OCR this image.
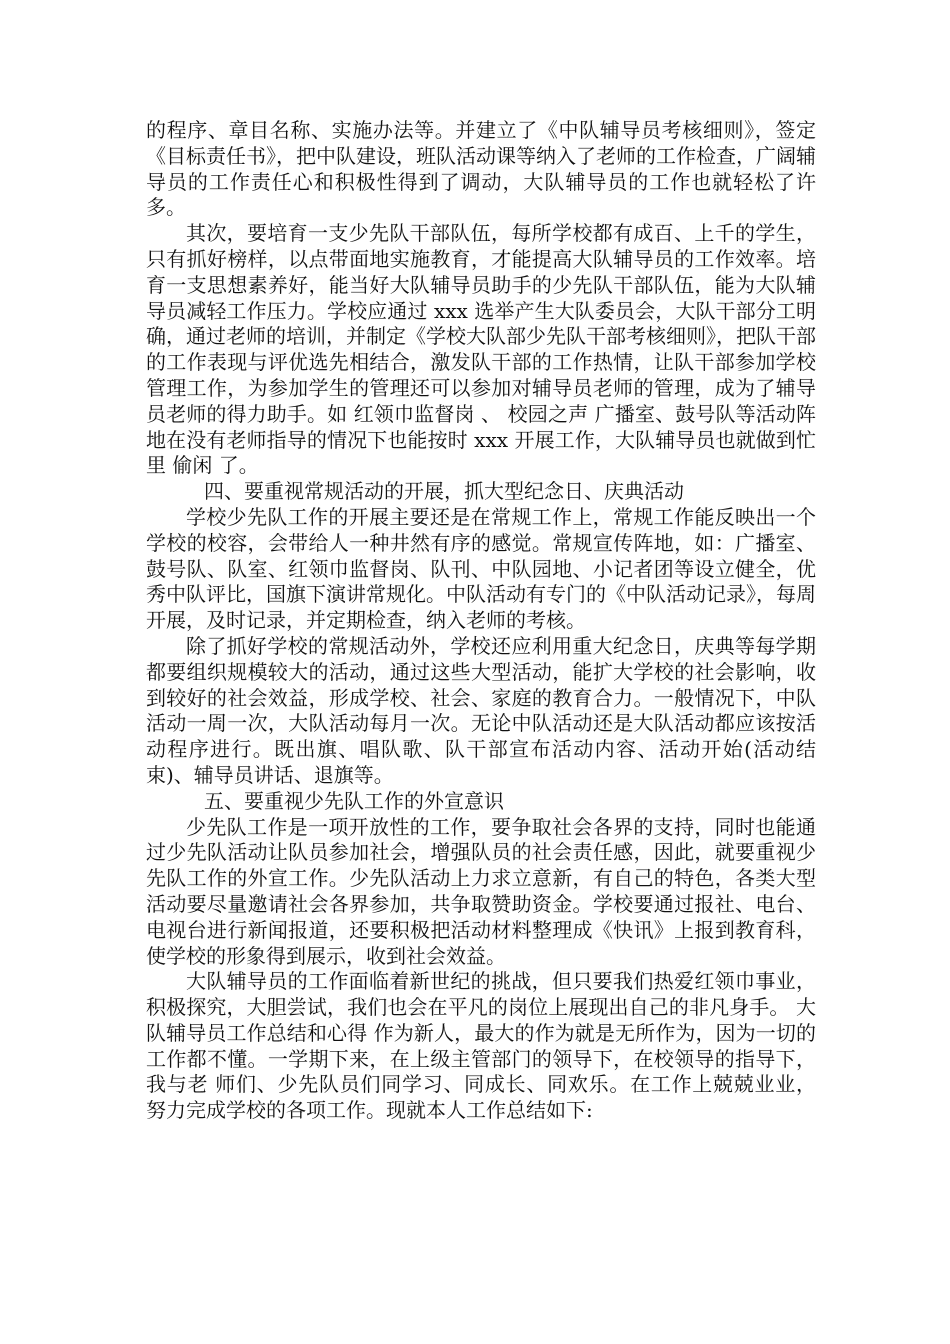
的程序、章目名称、实施办法等。并建立了《中队辅导员考核细则》，签定《目标责任书》，把中队建设，班队活动课等纳入了老师的工作检查，广阔辅导员的工作责任心和积极性得到了调动，大队辅导员的工作也就轻松了许多。

其次，要培育一支少先队干部队伍，每所学校都有成百、上千的学生，只有抓好榜样，以点带面地实施教育，才能提高大队辅导员的工作效率。培育一支思想素养好，能当好大队辅导员助手的少先队干部队伍，能为大队辅导员减轻工作压力。学校应通过 xxx 选举产生大队委员会，大队干部分工明确，通过老师的培训，并制定《学校大队部少先队干部考核细则》，把队干部的工作表现与评优选先相结合，激发队干部的工作热情，让队干部参加学校管理工作，为参加学生的管理还可以参加对辅导员老师的管理，成为了辅导员老师的得力助手。如 红领巾监督岗 、 校园之声 广播室、鼓号队等活动阵地在没有老师指导的情况下也能按时 xxx 开展工作，大队辅导员也就做到忙里 偷闲 了。

四、要重视常规活动的开展，抓大型纪念日、庆典活动

学校少先队工作的开展主要还是在常规工作上，常规工作能反映出一个学校的校容，会带给人一种井然有序的感觉。常规宣传阵地，如：广播室、鼓号队、队室、红领巾监督岗、队刊、中队园地、小记者团等设立健全，优秀中队评比，国旗下演讲常规化。中队活动有专门的《中队活动记录》，每周开展，及时记录，并定期检查，纳入老师的考核。

除了抓好学校的常规活动外，学校还应利用重大纪念日，庆典等每学期都要组织规模较大的活动，通过这些大型活动，能扩大学校的社会影响，收到较好的社会效益，形成学校、社会、家庭的教育合力。一般情况下，中队活动一周一次，大队活动每月一次。无论中队活动还是大队活动都应该按活动程序进行。既出旗、唱队歌、队干部宣布活动内容、活动开始(活动结束)、辅导员讲话、退旗等。

五、要重视少先队工作的外宣意识

少先队工作是一项开放性的工作，要争取社会各界的支持，同时也能通过少先队活动让队员参加社会，增强队员的社会责任感，因此，就要重视少先队工作的外宣工作。少先队活动上力求立意新，有自己的特色，各类大型活动要尽量邀请社会各界参加，共争取赞助资金。学校要通过报社、电台、电视台进行新闻报道，还要积极把活动材料整理成《快讯》上报到教育科，使学校的形象得到展示，收到社会效益。

大队辅导员的工作面临着新世纪的挑战，但只要我们热爱红领巾事业，积极探究，大胆尝试，我们也会在平凡的岗位上展现出自己的非凡身手。 大队辅导员工作总结和心得 作为新人，最大的作为就是无所作为，因为一切的工作都不懂。一学期下来，在上级主管部门的领导下，在校领导的指导下，我与老 师们、少先队员们同学习、同成长、同欢乐。在工作上兢兢业业， 努力完成学校的各项工作。现就本人工作总结如下:
